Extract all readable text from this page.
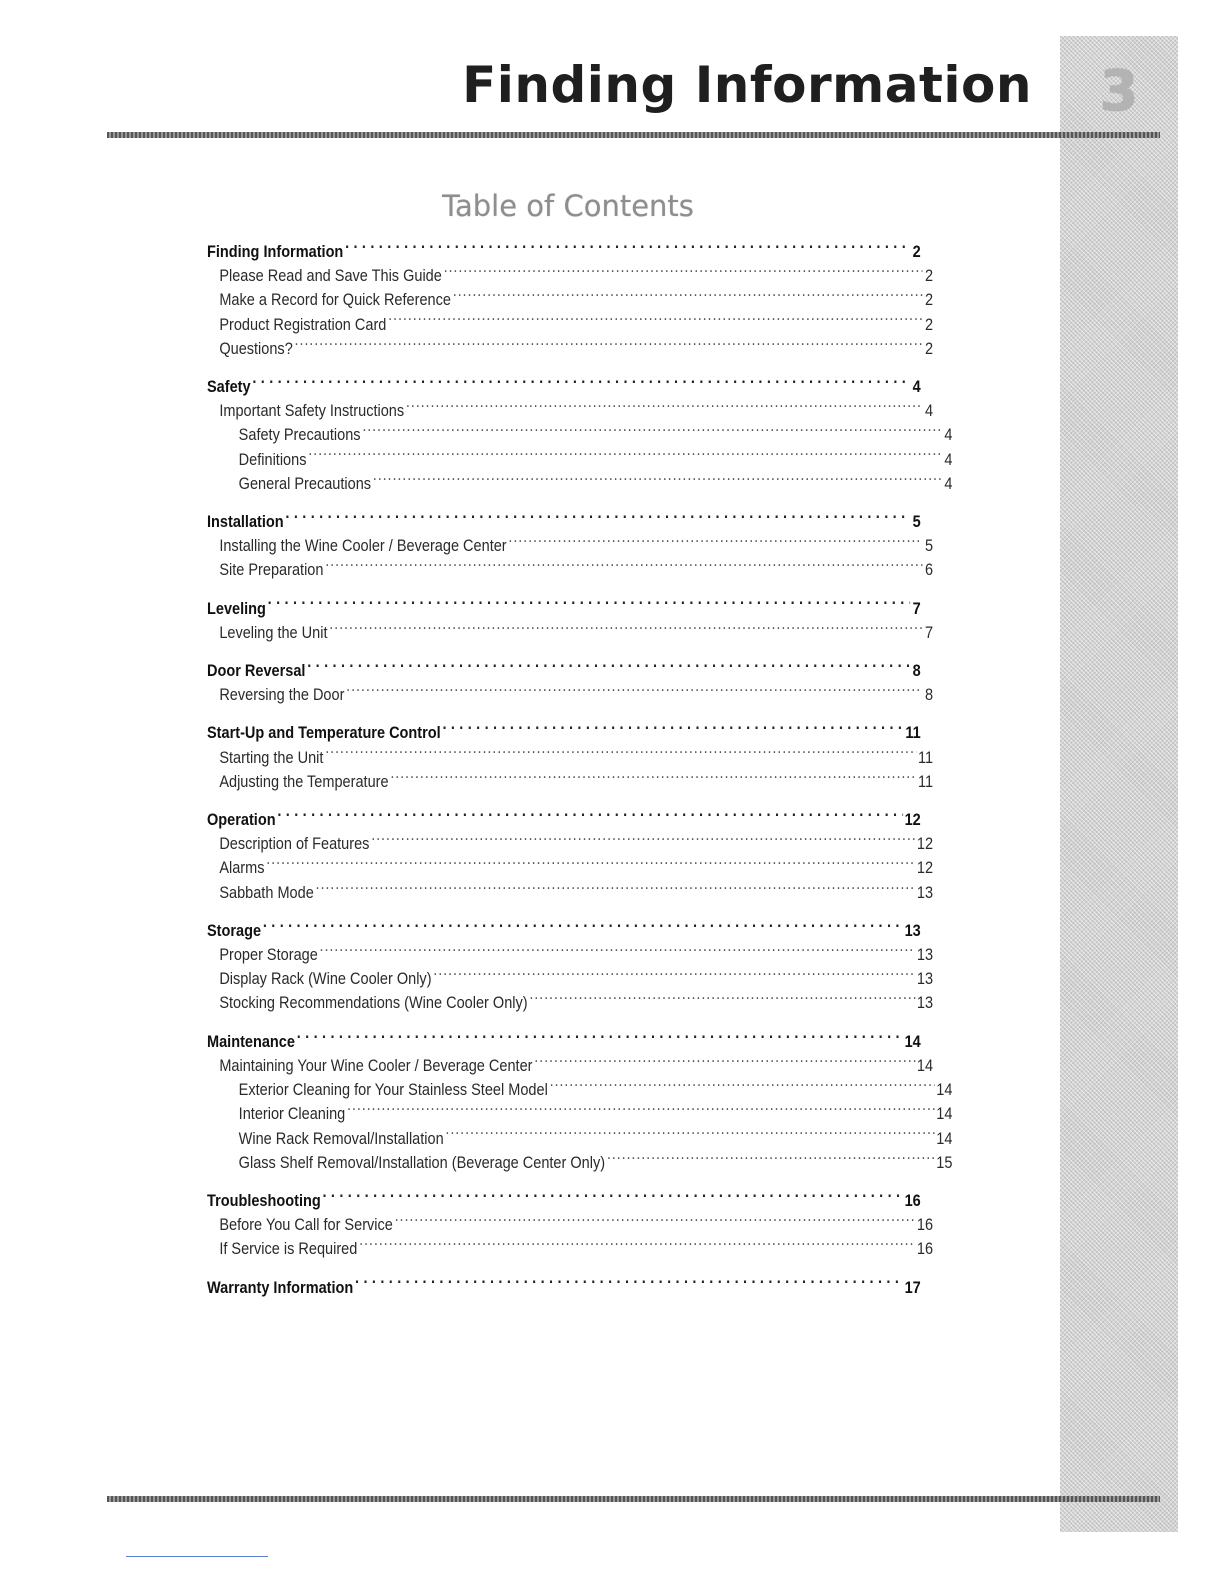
Finding Information 3
Table of Contents
Finding Information .....	2
Please Read and Save This Guide .....	2
Make a Record for Quick Reference .....	2
Product Registration Card .....	2
Questions? .....	2
Safety .....	4
Important Safety Instructions .....	4
Safety Precautions .....	4
Definitions .....	4
General Precautions .....	4
Installation .....	5
Installing the Wine Cooler / Beverage Center .....	5
Site Preparation .....	6
Leveling .....	7
Leveling the Unit .....	7
Door Reversal .....	8
Reversing the Door .....	8
Start-Up and Temperature Control .....	11
Starting the Unit .....	11
Adjusting the Temperature .....	11
Operation .....	12
Description of Features .....	12
Alarms .....	12
Sabbath Mode .....	13
Storage .....	13
Proper Storage .....	13
Display Rack (Wine Cooler Only) .....	13
Stocking Recommendations (Wine Cooler Only) .....	13
Maintenance .....	14
Maintaining Your Wine Cooler / Beverage Center .....	14
Exterior Cleaning for Your Stainless Steel Model .....	14
Interior Cleaning .....	14
Wine Rack Removal/Installation .....	14
Glass Shelf Removal/Installation (Beverage Center Only) .....	15
Troubleshooting .....	16
Before You Call for Service .....	16
If Service is Required .....	16
Warranty Information .....	17
